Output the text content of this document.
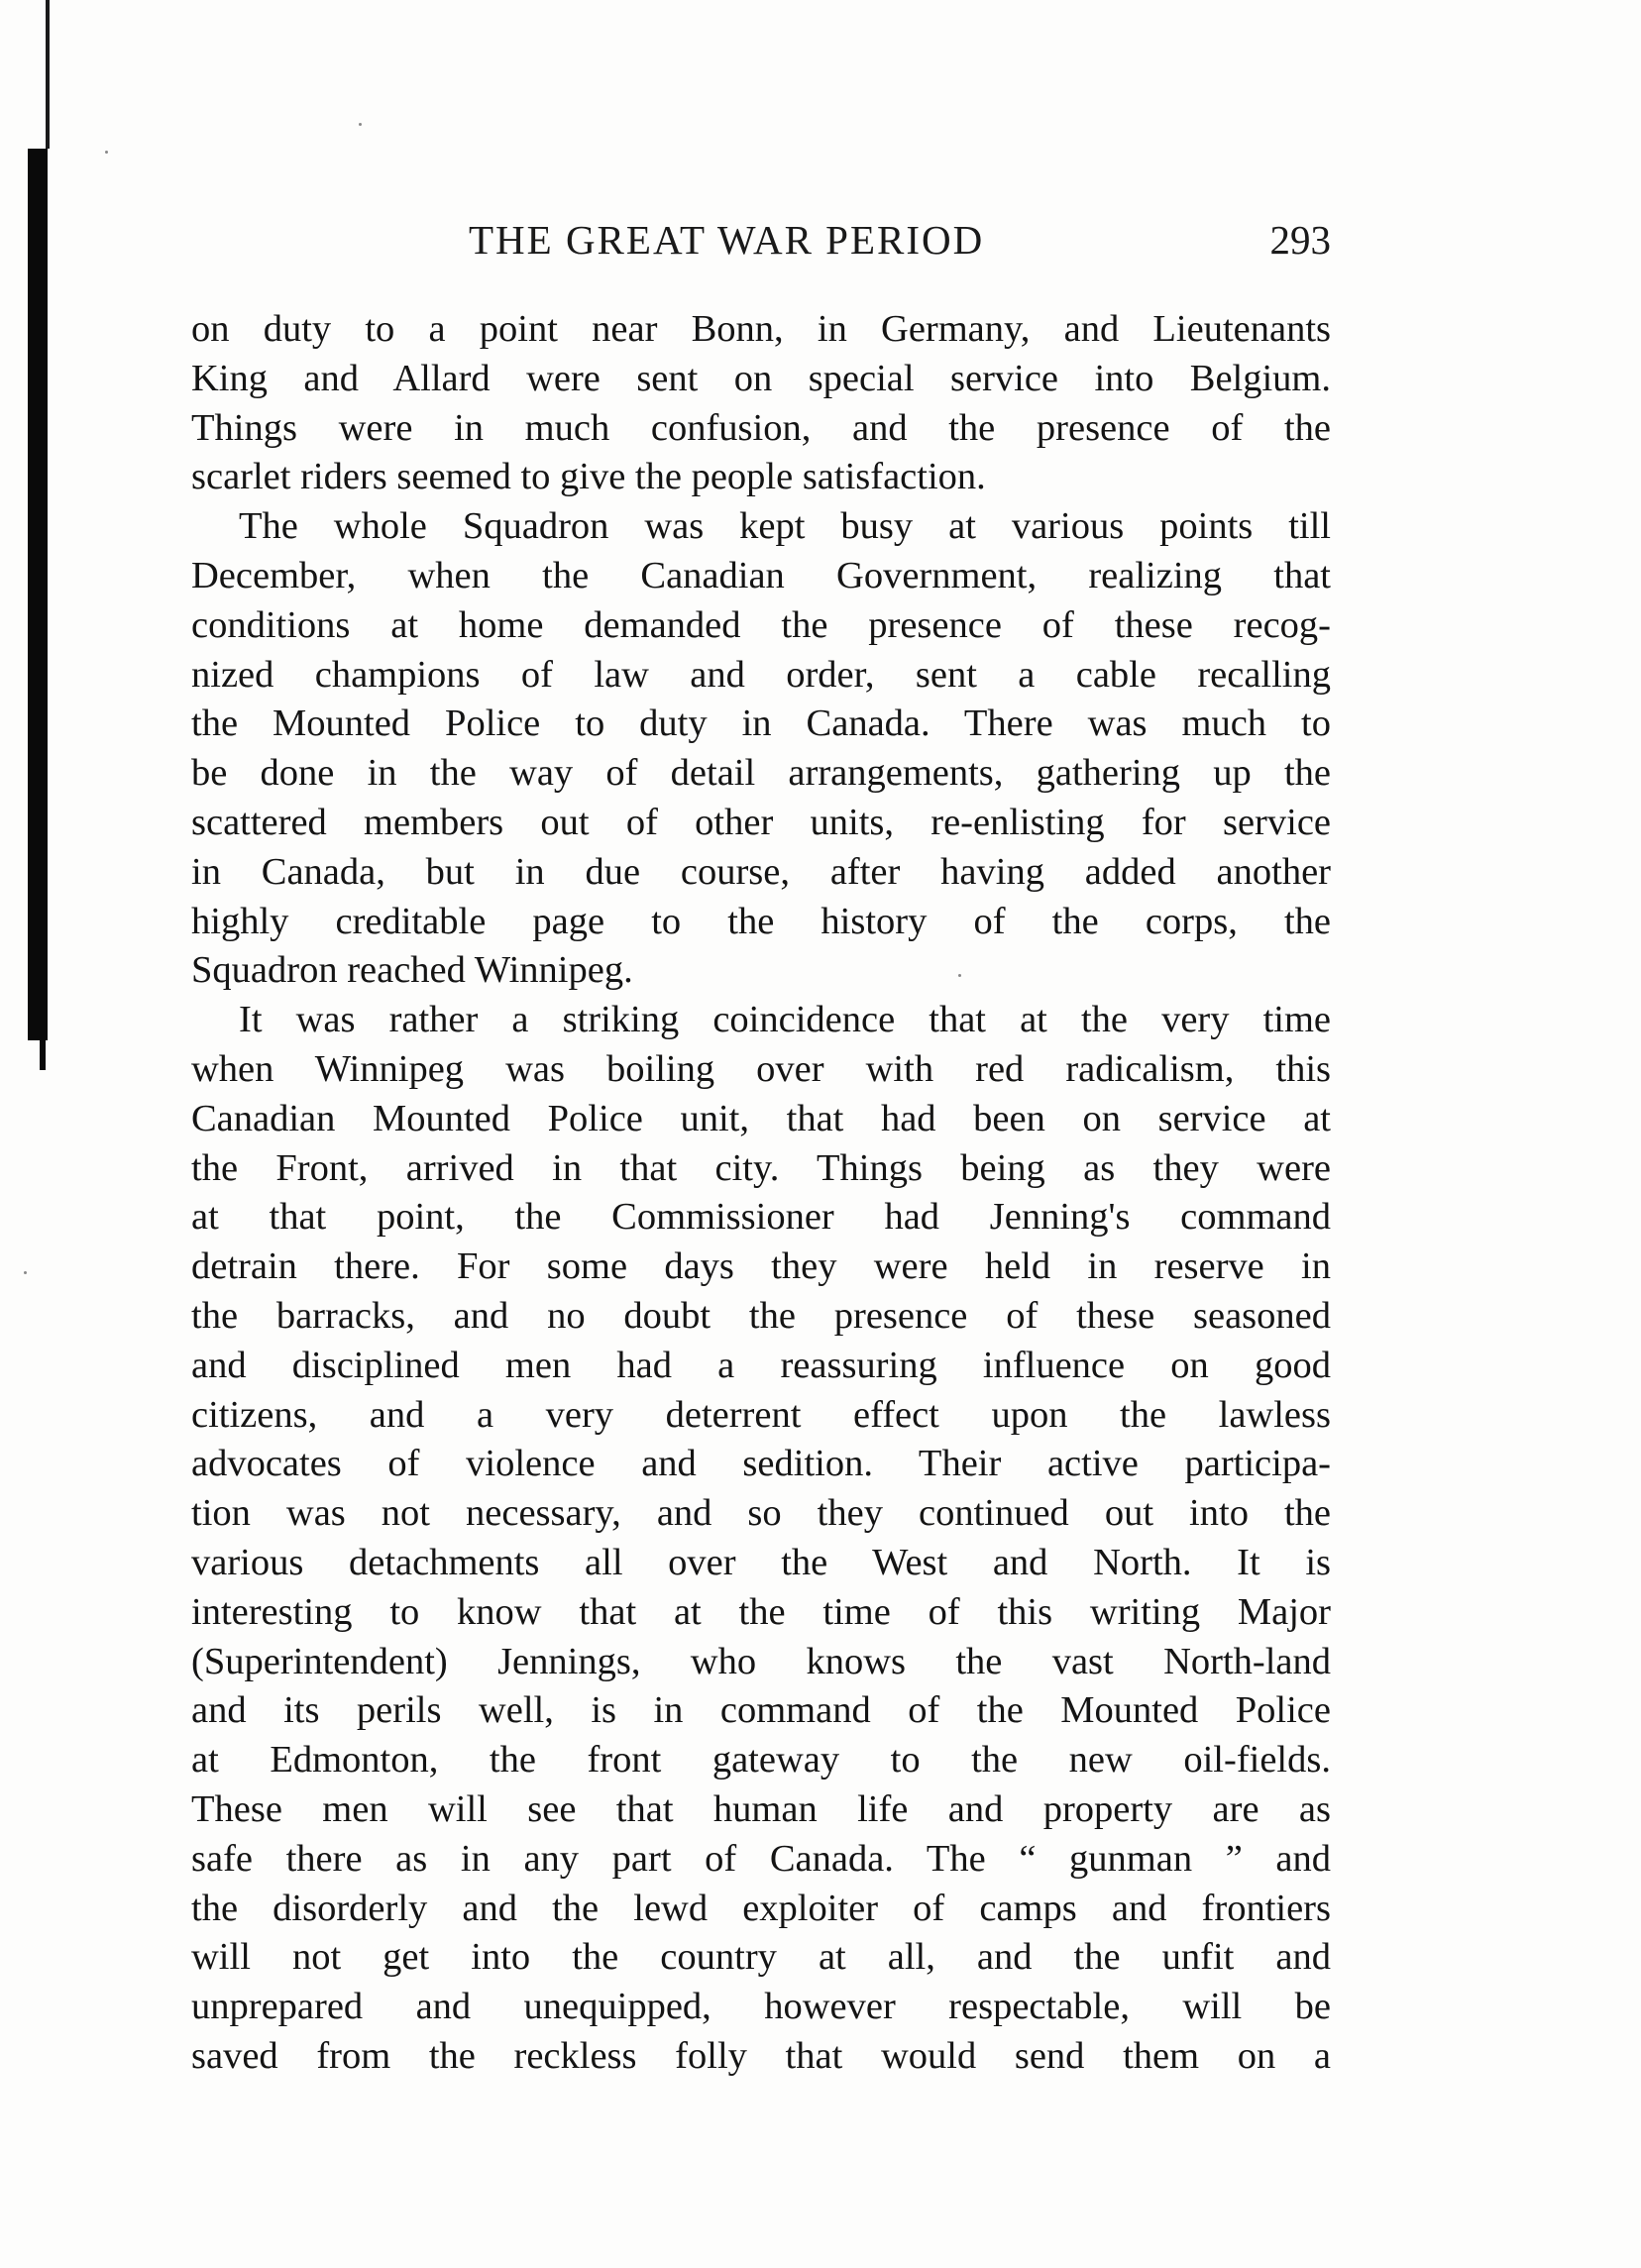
THE GREAT WAR PERIOD	293
on duty to a point near Bonn, in Germany, and Lieutenants
King and Allard were sent on special service into Belgium.
Things were in much confusion, and the presence of the
scarlet riders seemed to give the people satisfaction.
The whole Squadron was kept busy at various points till
December, when the Canadian Government, realizing that
conditions at home demanded the presence of these recog-
nized champions of law and order, sent a cable recalling
the Mounted Police to duty in Canada. There was much to
be done in the way of detail arrangements, gathering up the
scattered members out of other units, re-enlisting for service
in Canada, but in due course, after having added another
highly creditable page to the history of the corps, the
Squadron reached Winnipeg.
It was rather a striking coincidence that at the very time
when Winnipeg was boiling over with red radicalism, this
Canadian Mounted Police unit, that had been on service at
the Front, arrived in that city. Things being as they were
at that point, the Commissioner had Jenning's command
detrain there. For some days they were held in reserve in
the barracks, and no doubt the presence of these seasoned
and disciplined men had a reassuring influence on good
citizens, and a very deterrent effect upon the lawless
advocates of violence and sedition. Their active participa-
tion was not necessary, and so they continued out into the
various detachments all over the West and North. It is
interesting to know that at the time of this writing Major
(Superintendent) Jennings, who knows the vast North-land
and its perils well, is in command of the Mounted Police
at Edmonton, the front gateway to the new oil-fields.
These men will see that human life and property are as
safe there as in any part of Canada. The “ gunman ” and
the disorderly and the lewd exploiter of camps and frontiers
will not get into the country at all, and the unfit and
unprepared and unequipped, however respectable, will be
saved from the reckless folly that would send them on a
